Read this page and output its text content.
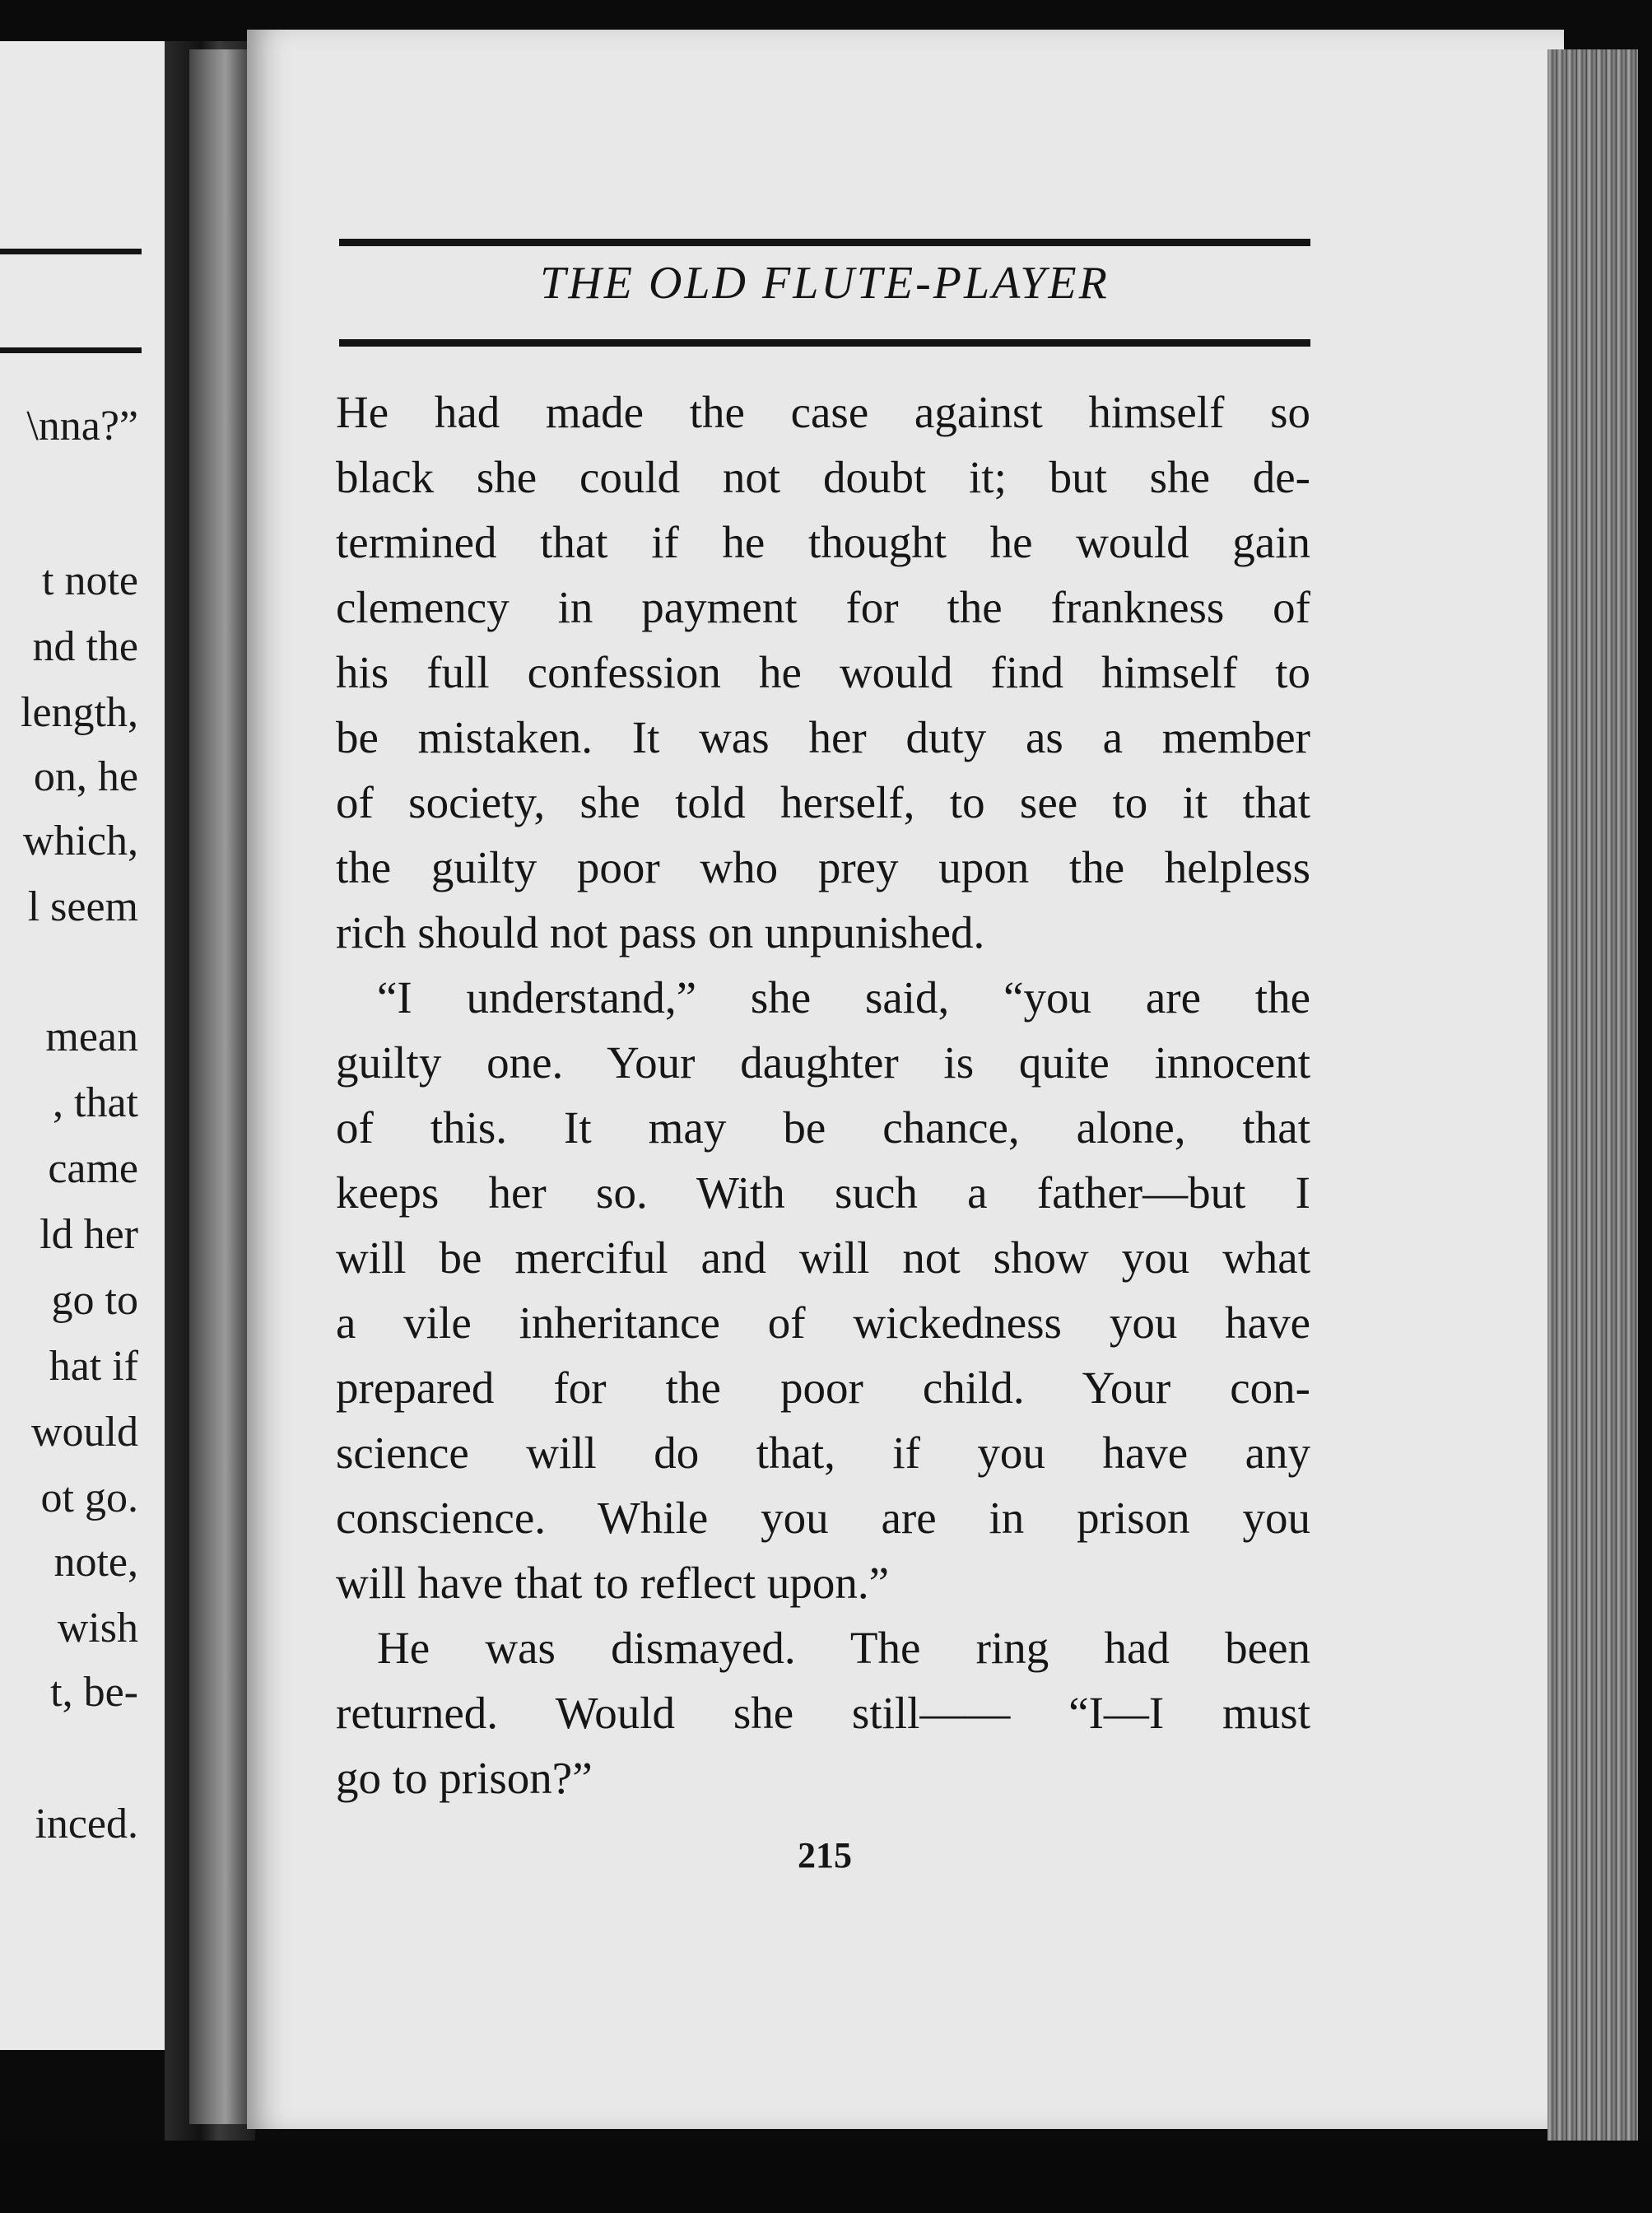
\nna?”
t note
nd the
length,
on, he
which,
l seem
mean
, that
came
ld her
go to
hat if
would
ot go.
note,
wish
t, be-
inced.
THE OLD FLUTE-PLAYER
He had made the case against himself so
black she could not doubt it; but she de-
termined that if he thought he would gain
clemency in payment for the frankness of
his full confession he would find himself to
be mistaken. It was her duty as a member
of society, she told herself, to see to it that
the guilty poor who prey upon the helpless
rich should not pass on unpunished.
“I understand,” she said, “you are the
guilty one. Your daughter is quite innocent
of this. It may be chance, alone, that
keeps her so. With such a father—but I
will be merciful and will not show you what
a vile inheritance of wickedness you have
prepared for the poor child. Your con-
science will do that, if you have any
conscience. While you are in prison you
will have that to reflect upon.”
He was dismayed. The ring had been
returned. Would she still—— “I—I must
go to prison?”
215
